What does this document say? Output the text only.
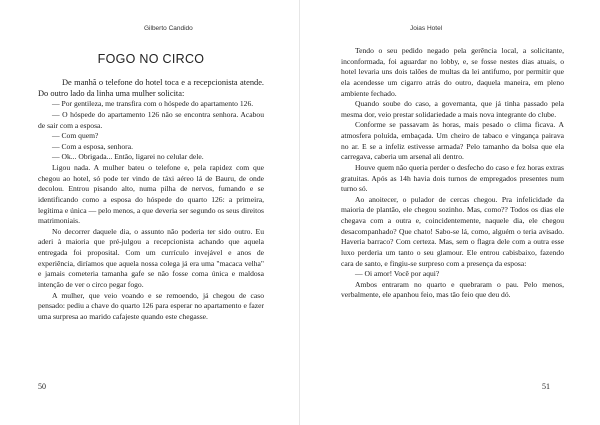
Gilberto Candido
FOGO NO CIRCO

De manhã o telefone do hotel toca e a recepcionista atende. Do outro lado da linha uma mulher solicita:

— Por gentileza, me transfira com o hóspede do apartamento 126.

— O hóspede do apartamento 126 não se encontra senhora. Acabou de sair com a esposa.

— Com quem?

— Com a esposa, senhora.

— Ok... Obrigada... Então, ligarei no celular dele.

Ligou nada. A mulher bateu o telefone e, pela rapidez com que chegou ao hotel, só pode ter vindo de táxi aéreo lá de Bauru, de onde decolou. Entrou pisando alto, numa pilha de nervos, fumando e se identificando como a esposa do hóspede do quarto 126: a primeira, legítima e única — pelo menos, a que deveria ser segundo os seus direitos matrimoniais.

No decorrer daquele dia, o assunto não poderia ter sido outro. Eu aderi à maioria que pré-julgou a recepcionista achando que aquela entregada foi proposital. Com um currículo invejável e anos de experiência, diríamos que aquela nossa colega já era uma "macaca velha" e jamais cometeria tamanha gafe se não fosse coma única e maldosa intenção de ver o circo pegar fogo.

A mulher, que veio voando e se remoendo, já chegou de caso pensado: pediu a chave do quarto 126 para esperar no apartamento e fazer uma surpresa ao marido cafajeste quando este chegasse.

50
Joias Hotel

Tendo o seu pedido negado pela gerência local, a solicitante, inconformada, foi aguardar no lobby, e, se fosse nestes dias atuais, o hotel levaria uns dois talões de multas da lei antifumo, por permitir que ela acendesse um cigarro atrás do outro, daquela maneira, em pleno ambiente fechado.

Quando soube do caso, a governanta, que já tinha passado pela mesma dor, veio prestar solidariedade a mais nova integrante do clube.

Conforme se passavam às horas, mais pesado o clima ficava. A atmosfera poluída, embaçada. Um cheiro de tabaco e vingança pairava no ar. E se a infeliz estivesse armada? Pelo tamanho da bolsa que ela carregava, caberia um arsenal ali dentro.

Houve quem não queria perder o desfecho do caso e fez horas extras gratuitas. Após as 14h havia dois turnos de empregados presentes num turno só.

Ao anoitecer, o pulador de cercas chegou. Pra infelicidade da maioria de plantão, ele chegou sozinho. Mas, como?? Todos os dias ele chegava com a outra e, coincidentemente, naquele dia, ele chegou desacompanhado? Que chato! Sabo-se lá, como, alguém o teria avisado. Haveria barraco? Com certeza. Mas, sem o flagra dele com a outra esse luxo perderia um tanto o seu glamour. Ele entrou cabisbaixo, fazendo cara de santo, e fingiu-se surpreso com a presença da esposa:

— Oi amor! Você por aqui?

Ambos entraram no quarto e quebraram o pau. Pelo menos, verbalmente, ele apanhou feio, mas tão feio que deu dó.

51
